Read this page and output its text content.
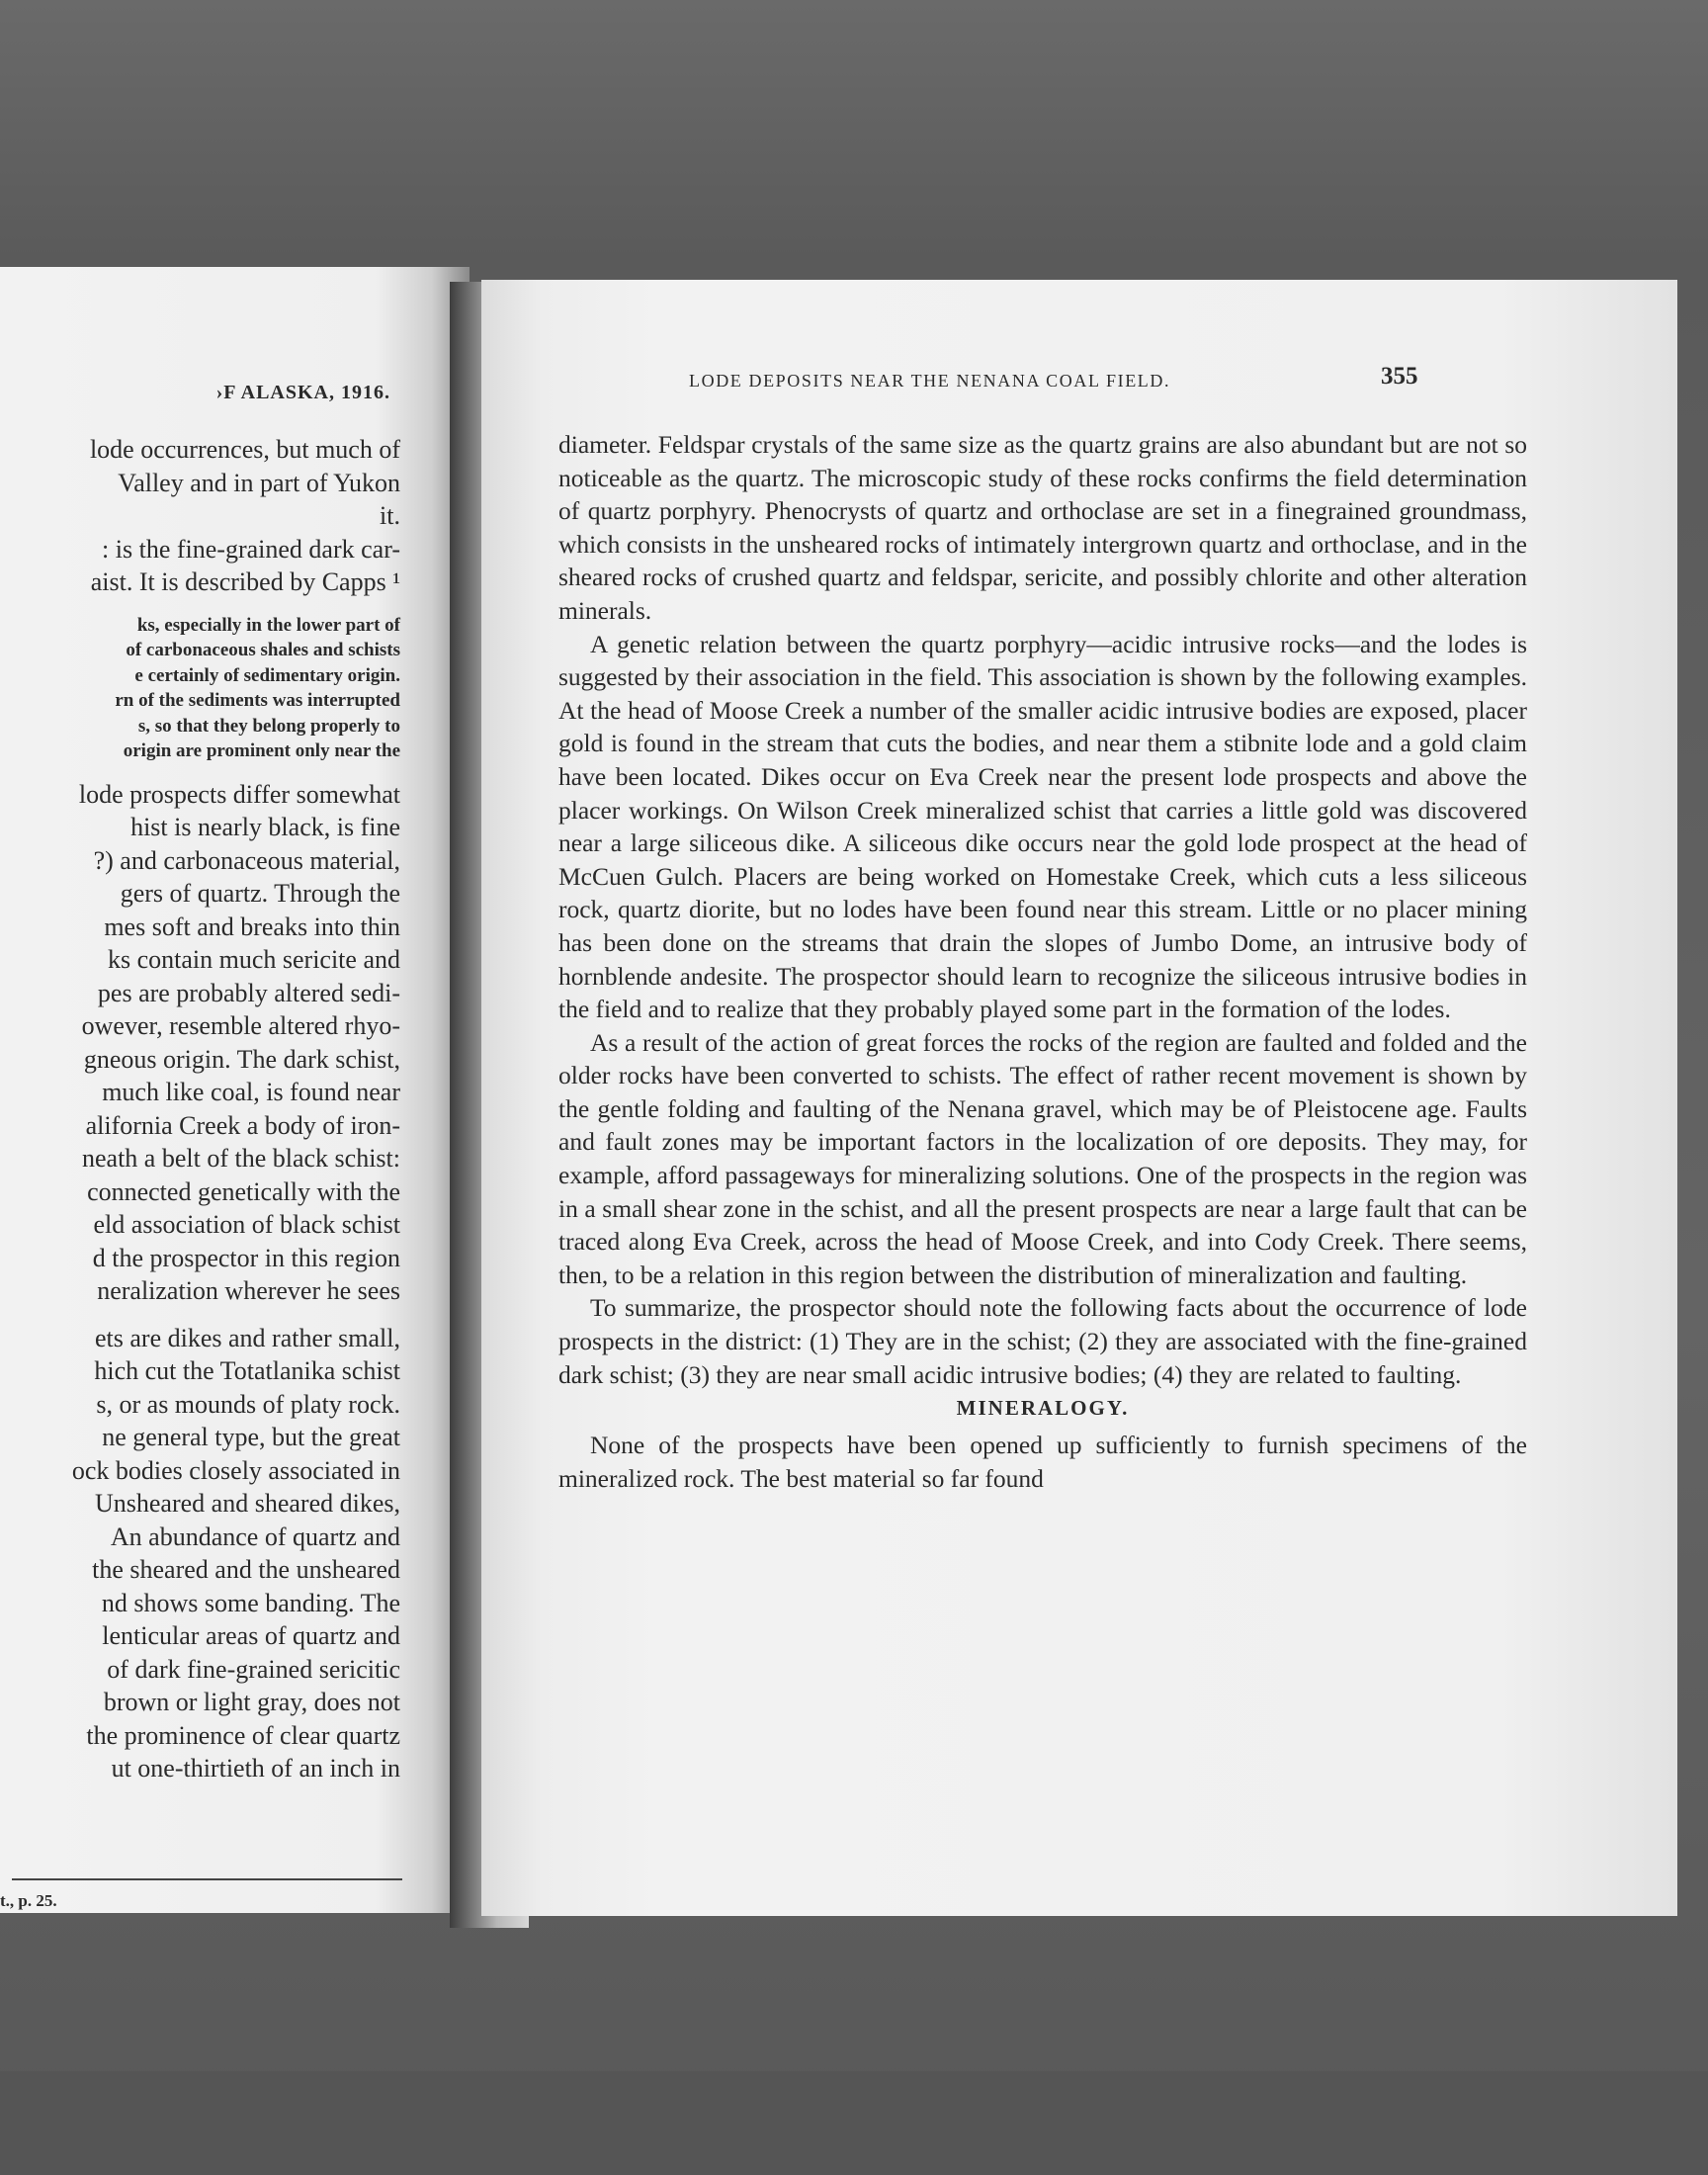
›F ALASKA, 1916.
lode occurrences, but much of
Valley and in part of Yukon
it.
: is the fine-grained dark car-
aist. It is described by Capps ¹
ks, especially in the lower part of
of carbonaceous shales and schists
e certainly of sedimentary origin.
rn of the sediments was interrupted
s, so that they belong properly to
origin are prominent only near the
lode prospects differ somewhat
hist is nearly black, is fine
?) and carbonaceous material,
gers of quartz. Through the
mes soft and breaks into thin
ks contain much sericite and
pes are probably altered sedi-
owever, resemble altered rhyo-
gneous origin. The dark schist,
much like coal, is found near
alifornia Creek a body of iron-
neath a belt of the black schist:
connected genetically with the
eld association of black schist
d the prospector in this region
neralization wherever he sees
ets are dikes and rather small,
hich cut the Totatlanika schist
s, or as mounds of platy rock.
ne general type, but the great
ock bodies closely associated in
Unsheared and sheared dikes,
An abundance of quartz and
the sheared and the unsheared
nd shows some banding. The
lenticular areas of quartz and
of dark fine-grained sericitic
brown or light gray, does not
the prominence of clear quartz
ut one-thirtieth of an inch in
t., p. 25.
LODE DEPOSITS NEAR THE NENANA COAL FIELD.	355

diameter. Feldspar crystals of the same size as the quartz grains are also abundant but are not so noticeable as the quartz. The microscopic study of these rocks confirms the field determination of quartz porphyry. Phenocrysts of quartz and orthoclase are set in a finegrained groundmass, which consists in the unsheared rocks of intimately intergrown quartz and orthoclase, and in the sheared rocks of crushed quartz and feldspar, sericite, and possibly chlorite and other alteration minerals.

A genetic relation between the quartz porphyry—acidic intrusive rocks—and the lodes is suggested by their association in the field. This association is shown by the following examples. At the head of Moose Creek a number of the smaller acidic intrusive bodies are exposed, placer gold is found in the stream that cuts the bodies, and near them a stibnite lode and a gold claim have been located. Dikes occur on Eva Creek near the present lode prospects and above the placer workings. On Wilson Creek mineralized schist that carries a little gold was discovered near a large siliceous dike. A siliceous dike occurs near the gold lode prospect at the head of McCuen Gulch. Placers are being worked on Homestake Creek, which cuts a less siliceous rock, quartz diorite, but no lodes have been found near this stream. Little or no placer mining has been done on the streams that drain the slopes of Jumbo Dome, an intrusive body of hornblende andesite. The prospector should learn to recognize the siliceous intrusive bodies in the field and to realize that they probably played some part in the formation of the lodes.

As a result of the action of great forces the rocks of the region are faulted and folded and the older rocks have been converted to schists. The effect of rather recent movement is shown by the gentle folding and faulting of the Nenana gravel, which may be of Pleistocene age. Faults and fault zones may be important factors in the localization of ore deposits. They may, for example, afford passageways for mineralizing solutions. One of the prospects in the region was in a small shear zone in the schist, and all the present prospects are near a large fault that can be traced along Eva Creek, across the head of Moose Creek, and into Cody Creek. There seems, then, to be a relation in this region between the distribution of mineralization and faulting.

To summarize, the prospector should note the following facts about the occurrence of lode prospects in the district: (1) They are in the schist; (2) they are associated with the fine-grained dark schist; (3) they are near small acidic intrusive bodies; (4) they are related to faulting.

MINERALOGY.

None of the prospects have been opened up sufficiently to furnish specimens of the mineralized rock. The best material so far found
